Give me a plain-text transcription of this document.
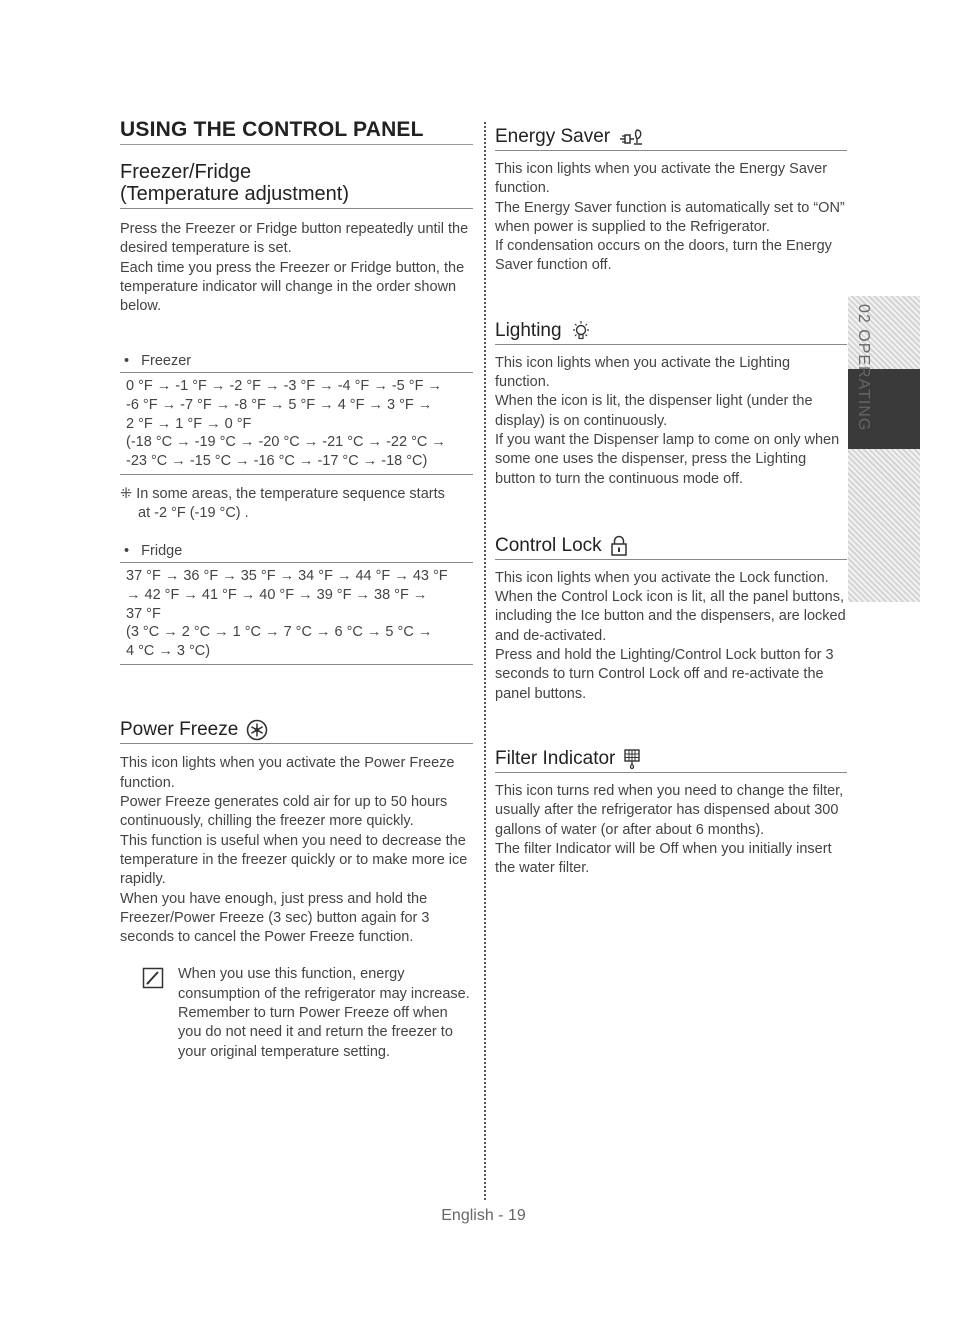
USING THE CONTROL PANEL
Freezer/Fridge
(Temperature adjustment)

Press the Freezer or Fridge button repeatedly until the desired temperature is set.

Each time you press the Freezer or Fridge button, the temperature indicator will change in the order shown below.

•   Freezer
0 °F → -1 °F → -2 °F → -3 °F → -4 °F → -5 °F →
-6 °F → -7 °F → -8 °F → 5 °F → 4 °F → 3 °F →
2 °F → 1 °F → 0 °F
(-18 °C → -19 °C → -20 °C → -21 °C → -22 °C →
-23 °C → -15 °C → -16 °C → -17 °C → -18 °C)
⁜ In some areas, the temperature sequence starts
at -2 °F (-19 °C) .
•   Fridge
37 °F → 36 °F → 35 °F → 34 °F → 44 °F → 43 °F
→ 42 °F → 41 °F → 40 °F → 39 °F → 38 °F →
37 °F
(3 °C → 2 °C → 1 °C → 7 °C → 6 °C → 5 °C →
4 °C → 3 °C)
Power Freeze

This icon lights when you activate the Power Freeze function.

Power Freeze generates cold air for up to 50 hours continuously, chilling the freezer more quickly.

This function is useful when you need to decrease the temperature in the freezer quickly or to make more ice rapidly.

When you have enough, just press and hold the Freezer/Power Freeze (3 sec) button again for 3 seconds to cancel the Power Freeze function.

When you use this function, energy consumption of the refrigerator may increase.

Remember to turn Power Freeze off when you do not need it and return the freezer to your original temperature setting.

Energy Saver

This icon lights when you activate the Energy Saver function.

The Energy Saver function is automatically set to “ON” when power is supplied to the Refrigerator.

If condensation occurs on the doors, turn the Energy Saver function off.

Lighting

This icon lights when you activate the Lighting function.

When the icon is lit, the dispenser light (under the display) is on continuously.

If you want the Dispenser lamp to come on only when some one uses the dispenser, press the Lighting button to turn the continuous mode off.

Control Lock

This icon lights when you activate the Lock function.

When the Control Lock icon is lit, all the panel buttons, including the Ice button and the dispensers, are locked and de-activated.

Press and hold the Lighting/Control Lock button for 3 seconds to turn Control Lock off and re-activate the panel buttons.

Filter Indicator

This icon turns red when you need to change the filter, usually after the refrigerator has dispensed about 300 gallons of water (or after about 6 months).

The filter Indicator will be Off when you initially insert the water filter.

02 OPERATING
English - 19
